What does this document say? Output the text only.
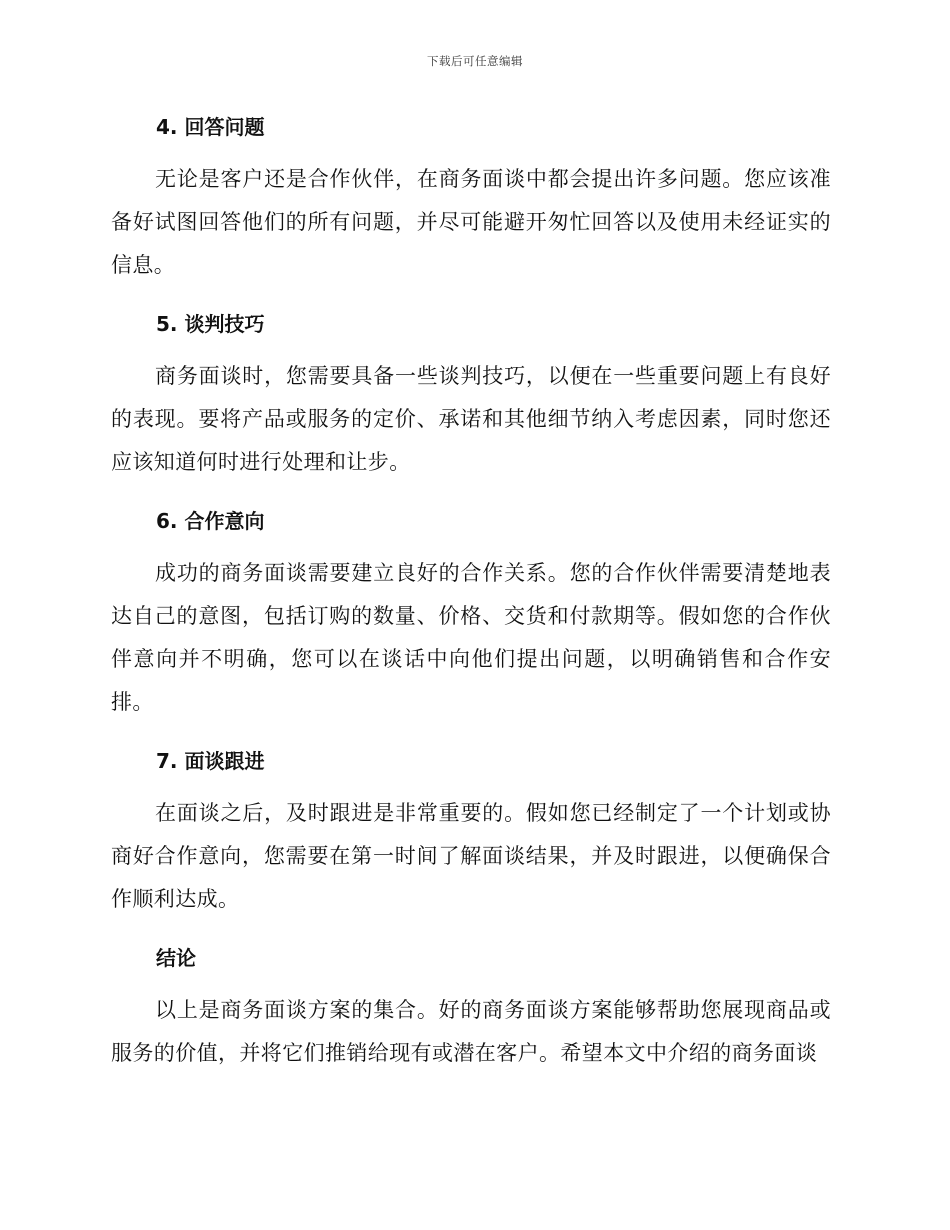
下载后可任意编辑
4. 回答问题

无论是客户还是合作伙伴，在商务面谈中都会提出许多问题。您应该准备好试图回答他们的所有问题，并尽可能避开匆忙回答以及使用未经证实的信息。

5. 谈判技巧

商务面谈时，您需要具备一些谈判技巧，以便在一些重要问题上有良好的表现。要将产品或服务的定价、承诺和其他细节纳入考虑因素，同时您还应该知道何时进行处理和让步。

6. 合作意向

成功的商务面谈需要建立良好的合作关系。您的合作伙伴需要清楚地表达自己的意图，包括订购的数量、价格、交货和付款期等。假如您的合作伙伴意向并不明确，您可以在谈话中向他们提出问题，以明确销售和合作安排。

7. 面谈跟进

在面谈之后，及时跟进是非常重要的。假如您已经制定了一个计划或协商好合作意向，您需要在第一时间了解面谈结果，并及时跟进，以便确保合作顺利达成。

结论

以上是商务面谈方案的集合。好的商务面谈方案能够帮助您展现商品或服务的价值，并将它们推销给现有或潜在客户。希望本文中介绍的商务面谈
